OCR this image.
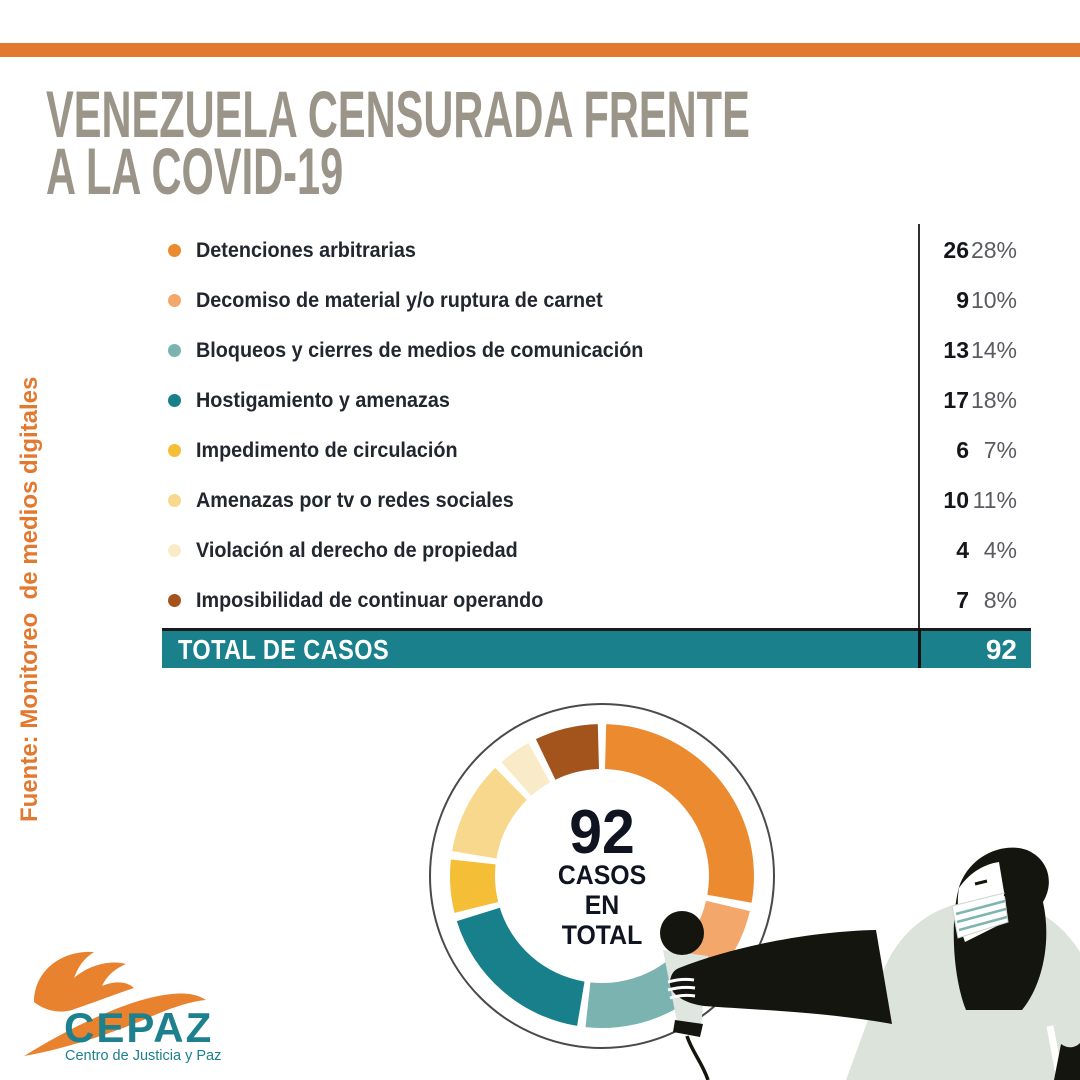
VENEZUELA CENSURADA FRENTE
A LA COVID-19
Fuente: Monitoreo  de medios digitales
Detenciones arbitrarias	26 28%
Decomiso de material y/o ruptura de carnet	9 10%
Bloqueos y cierres de medios de comunicación	13 14%
Hostigamiento y amenazas	17 18%
Impedimento de circulación	6 7%
Amenazas por tv o redes sociales	10 11%
Violación al derecho de propiedad	4 4%
Imposibilidad de continuar operando	7 8%
TOTAL DE CASOS	92
92
CASOS
EN
TOTAL
CEPAZ
Centro de Justicia y Paz
